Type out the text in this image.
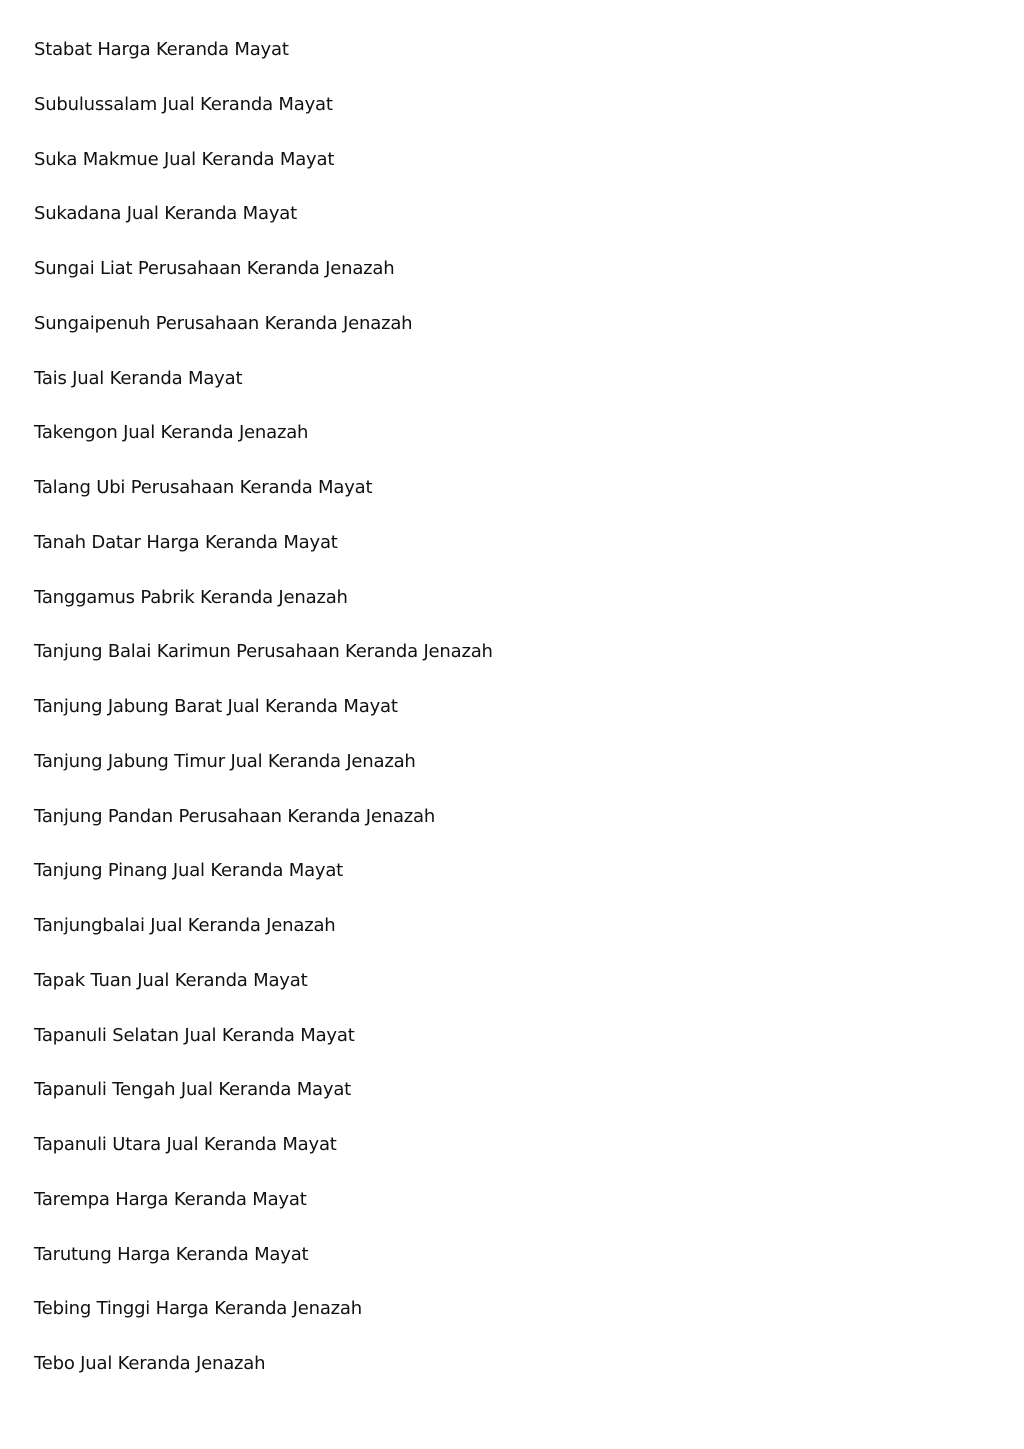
Stabat Harga Keranda Mayat
Subulussalam Jual Keranda Mayat
Suka Makmue Jual Keranda Mayat
Sukadana Jual Keranda Mayat
Sungai Liat Perusahaan Keranda Jenazah
Sungaipenuh Perusahaan Keranda Jenazah
Tais Jual Keranda Mayat
Takengon Jual Keranda Jenazah
Talang Ubi Perusahaan Keranda Mayat
Tanah Datar Harga Keranda Mayat
Tanggamus Pabrik Keranda Jenazah
Tanjung Balai Karimun Perusahaan Keranda Jenazah
Tanjung Jabung Barat Jual Keranda Mayat
Tanjung Jabung Timur Jual Keranda Jenazah
Tanjung Pandan Perusahaan Keranda Jenazah
Tanjung Pinang Jual Keranda Mayat
Tanjungbalai Jual Keranda Jenazah
Tapak Tuan Jual Keranda Mayat
Tapanuli Selatan Jual Keranda Mayat
Tapanuli Tengah Jual Keranda Mayat
Tapanuli Utara Jual Keranda Mayat
Tarempa Harga Keranda Mayat
Tarutung Harga Keranda Mayat
Tebing Tinggi Harga Keranda Jenazah
Tebo Jual Keranda Jenazah
